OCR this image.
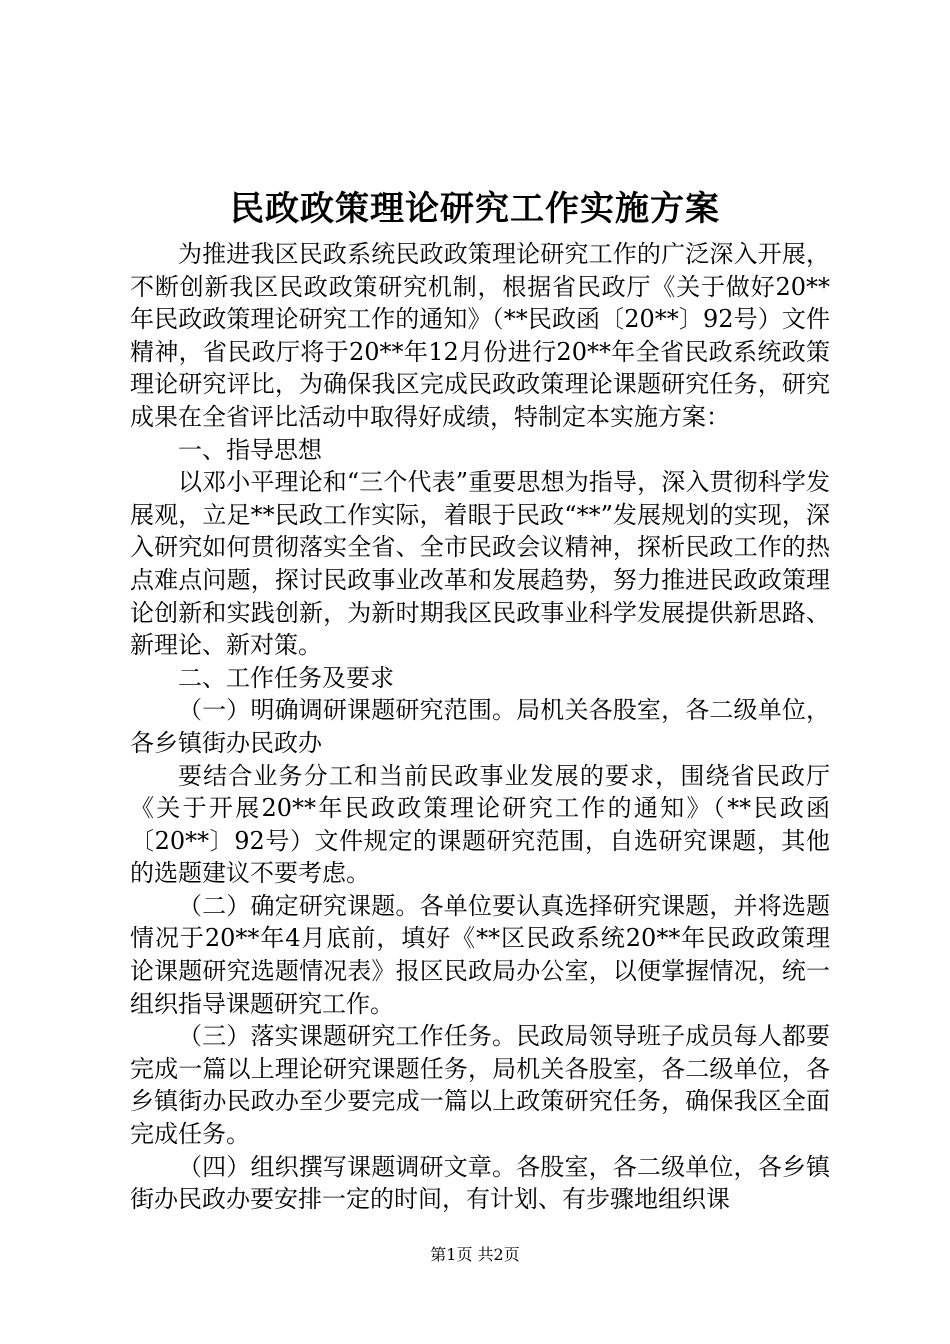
民政政策理论研究工作实施方案

为推进我区民政系统民政政策理论研究工作的广泛深入开展，不断创新我区民政政策研究机制，根据省民政厅《关于做好20**年民政政策理论研究工作的通知》（**民政函〔20**〕92号）文件精神，省民政厅将于20**年12月份进行20**年全省民政系统政策理论研究评比，为确保我区完成民政政策理论课题研究任务，研究成果在全省评比活动中取得好成绩，特制定本实施方案：

一、指导思想

以邓小平理论和“三个代表”重要思想为指导，深入贯彻科学发展观，立足**民政工作实际，着眼于民政“**”发展规划的实现，深入研究如何贯彻落实全省、全市民政会议精神，探析民政工作的热点难点问题，探讨民政事业改革和发展趋势，努力推进民政政策理论创新和实践创新，为新时期我区民政事业科学发展提供新思路、新理论、新对策。

二、工作任务及要求

（一）明确调研课题研究范围。局机关各股室，各二级单位，各乡镇街办民政办

要结合业务分工和当前民政事业发展的要求，围绕省民政厅《关于开展20**年民政政策理论研究工作的通知》（**民政函〔20**〕92号）文件规定的课题研究范围，自选研究课题，其他的选题建议不要考虑。

（二）确定研究课题。各单位要认真选择研究课题，并将选题情况于20**年4月底前，填好《**区民政系统20**年民政政策理论课题研究选题情况表》报区民政局办公室，以便掌握情况，统一组织指导课题研究工作。

（三）落实课题研究工作任务。民政局领导班子成员每人都要完成一篇以上理论研究课题任务，局机关各股室，各二级单位，各乡镇街办民政办至少要完成一篇以上政策研究任务，确保我区全面完成任务。

（四）组织撰写课题调研文章。各股室，各二级单位，各乡镇街办民政办要安排一定的时间，有计划、有步骤地组织课

第1页 共2页
